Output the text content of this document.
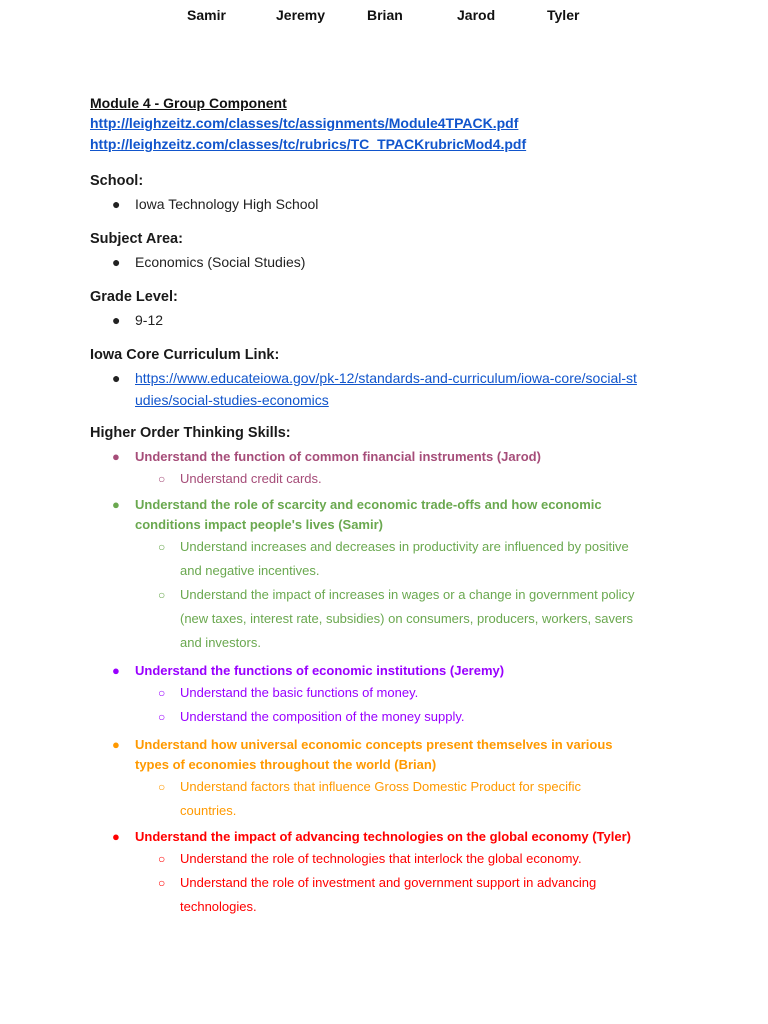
Samir	Jeremy	Brian	Jarod	Tyler
Module 4 - Group Component
http://leighzeitz.com/classes/tc/assignments/Module4TPACK.pdf
http://leighzeitz.com/classes/tc/rubrics/TC_TPACKrubricMod4.pdf
School:
● Iowa Technology High School
Subject Area:
● Economics (Social Studies)
Grade Level:
● 9-12
Iowa Core Curriculum Link:
● https://www.educateiowa.gov/pk-12/standards-and-curriculum/iowa-core/social-st
udies/social-studies-economics
Higher Order Thinking Skills:
● Understand the function of common financial instruments (Jarod)
○ Understand credit cards.
● Understand the role of scarcity and economic trade-offs and how economic
conditions impact people's lives (Samir)
○ Understand increases and decreases in productivity are influenced by positive
and negative incentives.
○ Understand the impact of increases in wages or a change in government policy
(new taxes, interest rate, subsidies) on consumers, producers, workers, savers
and investors.
● Understand the functions of economic institutions (Jeremy)
○ Understand the basic functions of money.
○ Understand the composition of the money supply.
● Understand how universal economic concepts present themselves in various
types of economies throughout the world (Brian)
○ Understand factors that influence Gross Domestic Product for specific
countries.
● Understand the impact of advancing technologies on the global economy (Tyler)
○ Understand the role of technologies that interlock the global economy.
○ Understand the role of investment and government support in advancing
technologies.
